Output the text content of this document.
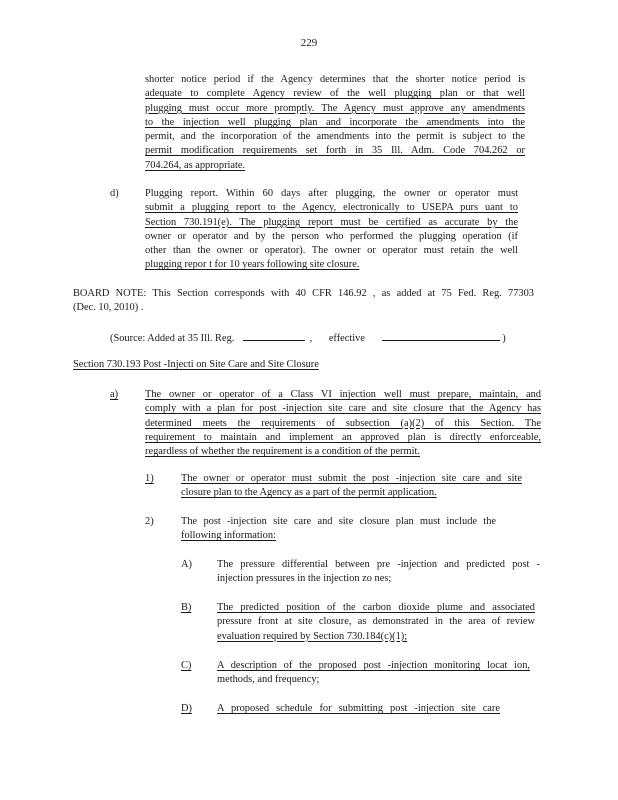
229
shorter notice period if the Agency determines that the shorter notice period is
adequate to complete Agency review of the well plugging plan or that well
plugging must occur more promptly. The Agency must approve any amendments
to the injection well plugging plan and incorporate the amendments into the
permit, and the incorporation of the amendments into the permit is subject to the
permit modification requirements set forth in 35 Ill. Adm. Code 704.262 or
704.264, as appropriate.
d)	Plugging report. Within 60 days after plugging, the owner or operator must
submit a plugging report to the Agency, electronically to USEPA purs uant to
Section 730.191(e). The plugging report must be certified as accurate by the
owner or operator and by the person who performed the plugging operation (if
other than the owner or operator). The owner or operator must retain the well
plugging repor t for 10 years following site closure.
BOARD NOTE: This Section corresponds with 40 CFR 146.92 , as added at 75 Fed. Reg. 77303
(Dec. 10, 2010) .
(Source: Added at 35 Ill. Reg.	, effective	)
Section 730.193 Post -Injecti on Site Care and Site Closure
a)	The owner or operator of a Class VI injection well must prepare, maintain, and
comply with a plan for post -injection site care and site closure that the Agency has
determined meets the requirements of subsection (a)(2) of this Section. The
requirement to maintain and implement an approved plan is directly enforceable,
regardless of whether the requirement is a condition of the permit.
1)	The owner or operator must submit the post -injection site care and site
closure plan to the Agency as a part of the permit application.
2)	The post -injection site care and site closure plan must include the
following information:
A) The pressure differential between pre -injection and predicted post -
injection pressures in the injection zo nes;
B) The predicted position of the carbon dioxide plume and associated
pressure front at site closure, as demonstrated in the area of review
evaluation required by Section 730.184(c)(1);
C) A description of the proposed post -injection monitoring locat ion,
methods, and frequency;
D) A proposed schedule for submitting post -injection site care
